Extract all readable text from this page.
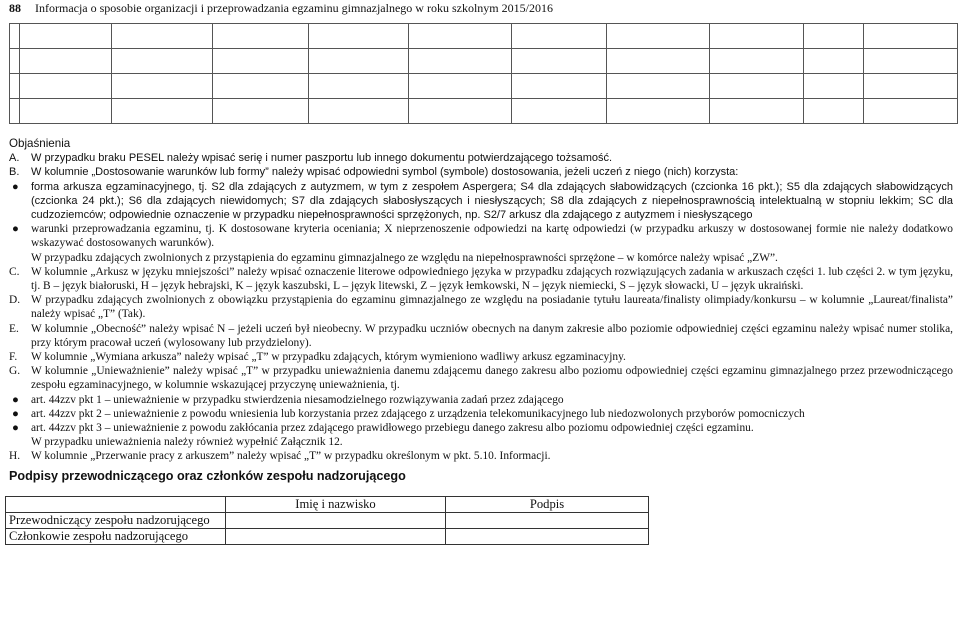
88 Informacja o sposobie organizacji i przeprowadzania egzaminu gimnazjalnego w roku szkolnym 2015/2016

Objaśnienia
A.	W przypadku braku PESEL należy wpisać serię i numer paszportu lub innego dokumentu potwierdzającego tożsamość.
B.	W kolumnie „Dostosowanie warunków lub formy” należy wpisać odpowiedni symbol (symbole) dostosowania, jeżeli uczeń z niego (nich) korzysta:
●	forma arkusza egzaminacyjnego, tj. S2 dla zdających z autyzmem, w tym z zespołem Aspergera; S4 dla zdających słabowidzących (czcionka 16 pkt.); S5 dla zdających słabowidzących (czcionka 24 pkt.); S6 dla zdających niewidomych; S7 dla zdających słabosłyszących i niesłyszących; S8 dla zdających z niepełnosprawnością intelektualną w stopniu lekkim; SC dla cudzoziemców; odpowiednie oznaczenie w przypadku niepełnosprawności sprzężonych, np. S2/7 arkusz dla zdającego z autyzmem i niesłyszącego
●	warunki przeprowadzania egzaminu, tj. K dostosowane kryteria oceniania; X nieprzenoszenie odpowiedzi na kartę odpowiedzi (w przypadku arkuszy w dostosowanej formie nie należy dodatkowo wskazywać dostosowanych warunków).
W przypadku zdających zwolnionych z przystąpienia do egzaminu gimnazjalnego ze względu na niepełnosprawności sprzężone – w komórce należy wpisać „ZW”.
C.	W kolumnie „Arkusz w języku mniejszości” należy wpisać oznaczenie literowe odpowiedniego języka w przypadku zdających rozwiązujących zadania w arkuszach części 1. lub części 2. w tym języku, tj. B – język białoruski, H – język hebrajski, K – język kaszubski, L – język litewski, Z – język łemkowski, N – język niemiecki, S – język słowacki, U – język ukraiński.
D. W przypadku zdających zwolnionych z obowiązku przystąpienia do egzaminu gimnazjalnego ze względu na posiadanie tytułu laureata/finalisty olimpiady/konkursu – w kolumnie „Laureat/finalista” należy wpisać „T” (Tak).
E.	W kolumnie „Obecność” należy wpisać N – jeżeli uczeń był nieobecny. W przypadku uczniów obecnych na danym zakresie albo poziomie odpowiedniej części egzaminu należy wpisać numer stolika, przy którym pracował uczeń (wylosowany lub przydzielony).
F.	W kolumnie „Wymiana arkusza” należy wpisać „T” w przypadku zdających, którym wymieniono wadliwy arkusz egzaminacyjny.
G. W kolumnie „Unieważnienie” należy wpisać „T” w przypadku unieważnienia danemu zdającemu danego zakresu albo poziomu odpowiedniej części egzaminu gimnazjalnego przez przewodniczącego zespołu egzaminacyjnego, w kolumnie wskazującej przyczynę unieważnienia, tj.
●	art. 44zzv pkt 1 – unieważnienie w przypadku stwierdzenia niesamodzielnego rozwiązywania zadań przez zdającego
●	art. 44zzv pkt 2 – unieważnienie z powodu wniesienia lub korzystania przez zdającego z urządzenia telekomunikacyjnego lub niedozwolonych przyborów pomocniczych
●	art. 44zzv pkt 3 – unieważnienie z powodu zakłócania przez zdającego prawidłowego przebiegu danego zakresu albo poziomu odpowiedniej części egzaminu.
W przypadku unieważnienia należy również wypełnić Załącznik 12.
H. W kolumnie „Przerwanie pracy z arkuszem” należy wpisać „T” w przypadku określonym w pkt. 5.10. Informacji.
Podpisy przewodniczącego oraz członków zespołu nadzorującego
	Imię i nazwisko	Podpis
Przewodniczący zespołu nadzorującego		
Członkowie zespołu nadzorującego		
